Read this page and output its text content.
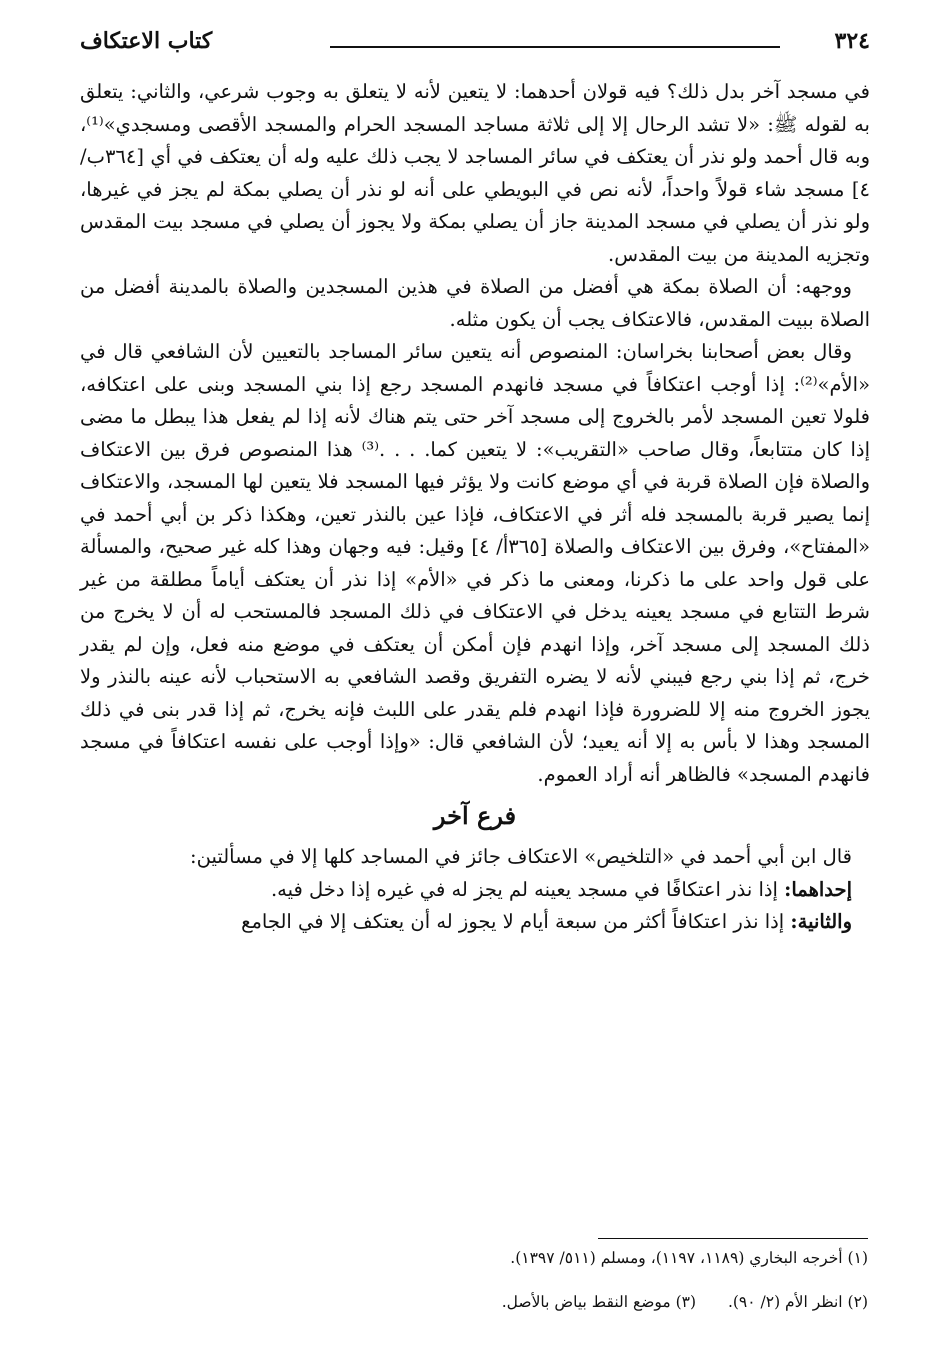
٣٢٤
كتاب الاعتكاف

في مسجد آخر بدل ذلك؟ فيه قولان أحدهما: لا يتعين لأنه لا يتعلق به وجوب شرعي، والثاني: يتعلق به لقوله ﷺ: «لا تشد الرحال إلا إلى ثلاثة مساجد المسجد الحرام والمسجد الأقصى ومسجدي»⁽¹⁾، وبه قال أحمد ولو نذر أن يعتكف في سائر المساجد لا يجب ذلك عليه وله أن يعتكف في أي [٣٦٤ب/ ٤] مسجد شاء قولاً واحداً، لأنه نص في البويطي على أنه لو نذر أن يصلي بمكة لم يجز في غيرها، ولو نذر أن يصلي في مسجد المدينة جاز أن يصلي بمكة ولا يجوز أن يصلي في مسجد بيت المقدس وتجزيه المدينة من بيت المقدس.

ووجهه: أن الصلاة بمكة هي أفضل من الصلاة في هذين المسجدين والصلاة بالمدينة أفضل من الصلاة ببيت المقدس، فالاعتكاف يجب أن يكون مثله.

وقال بعض أصحابنا بخراسان: المنصوص أنه يتعين سائر المساجد بالتعيين لأن الشافعي قال في «الأم»⁽²⁾: إذا أوجب اعتكافاً في مسجد فانهدم المسجد رجع إذا بني المسجد وبنى على اعتكافه، فلولا تعين المسجد لأمر بالخروج إلى مسجد آخر حتى يتم هناك لأنه إذا لم يفعل هذا يبطل ما مضى إذا كان متتابعاً، وقال صاحب «التقريب»: لا يتعين كما. . . .⁽³⁾ هذا المنصوص فرق بين الاعتكاف والصلاة فإن الصلاة قربة في أي موضع كانت ولا يؤثر فيها المسجد فلا يتعين لها المسجد، والاعتكاف إنما يصير قربة بالمسجد فله أثر في الاعتكاف، فإذا عين بالنذر تعين، وهكذا ذكر بن أبي أحمد في «المفتاح»، وفرق بين الاعتكاف والصلاة [٣٦٥أ/ ٤] وقيل: فيه وجهان وهذا كله غير صحيح، والمسألة على قول واحد على ما ذكرنا، ومعنى ما ذكر في «الأم» إذا نذر أن يعتكف أياماً مطلقة من غير شرط التتابع في مسجد يعينه يدخل في الاعتكاف في ذلك المسجد فالمستحب له أن لا يخرج من ذلك المسجد إلى مسجد آخر، وإذا انهدم فإن أمكن أن يعتكف في موضع منه فعل، وإن لم يقدر خرج، ثم إذا بني رجع فيبني لأنه لا يضره التفريق وقصد الشافعي به الاستحباب لأنه عينه بالنذر ولا يجوز الخروج منه إلا للضرورة فإذا انهدم فلم يقدر على اللبث فإنه يخرج، ثم إذا قدر بنى في ذلك المسجد وهذا لا بأس به إلا أنه يعيد؛ لأن الشافعي قال: «وإذا أوجب على نفسه اعتكافاً في مسجد فانهدم المسجد» فالظاهر أنه أراد العموم.

فرع آخر

قال ابن أبي أحمد في «التلخيص» الاعتكاف جائز في المساجد كلها إلا في مسألتين:

إحداهما: إذا نذر اعتكافًا في مسجد يعينه لم يجز له في غيره إذا دخل فيه.

والثانية: إذا نذر اعتكافاً أكثر من سبعة أيام لا يجوز له أن يعتكف إلا في الجامع

(١) أخرجه البخاري (١١٨٩، ١١٩٧)، ومسلم (٥١١/ ١٣٩٧).
(٢) انظر الأم (٢/ ٩٠).  (٣) موضع النقط بياض بالأصل.
